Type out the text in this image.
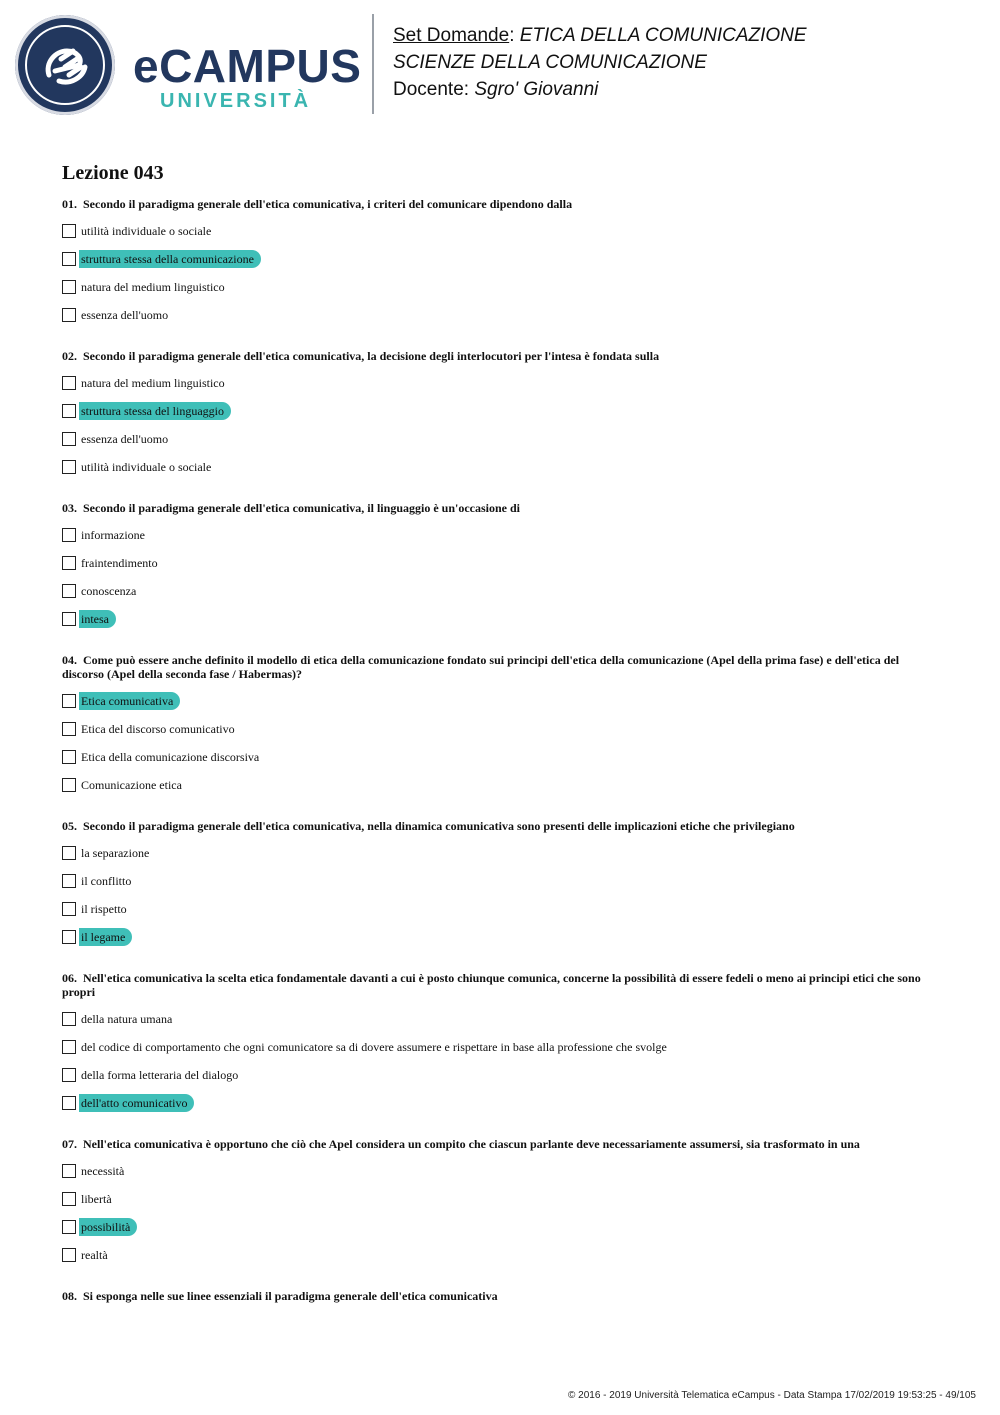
eCAMPUS
UNIVERSITÀ
Set Domande: ETICA DELLA COMUNICAZIONE
SCIENZE DELLA COMUNICAZIONE
Docente: Sgro' Giovanni
Lezione 043
01. Secondo il paradigma generale dell'etica comunicativa, i criteri del comunicare dipendono dalla
utilità individuale o sociale
struttura stessa della comunicazione
natura del medium linguistico
essenza dell'uomo
02. Secondo il paradigma generale dell'etica comunicativa, la decisione degli interlocutori per l'intesa è fondata sulla
natura del medium linguistico
struttura stessa del linguaggio
essenza dell'uomo
utilità individuale o sociale
03. Secondo il paradigma generale dell'etica comunicativa, il linguaggio è un'occasione di
informazione
fraintendimento
conoscenza
intesa
04. Come può essere anche definito il modello di etica della comunicazione fondato sui principi dell'etica della comunicazione (Apel della prima fase) e dell'etica del discorso (Apel della seconda fase / Habermas)?
Etica comunicativa
Etica del discorso comunicativo
Etica della comunicazione discorsiva
Comunicazione etica
05. Secondo il paradigma generale dell'etica comunicativa, nella dinamica comunicativa sono presenti delle implicazioni etiche che privilegiano
la separazione
il conflitto
il rispetto
il legame
06. Nell'etica comunicativa la scelta etica fondamentale davanti a cui è posto chiunque comunica, concerne la possibilità di essere fedeli o meno ai principi etici che sono propri
della natura umana
del codice di comportamento che ogni comunicatore sa di dovere assumere e rispettare in base alla professione che svolge
della forma letteraria del dialogo
dell'atto comunicativo
07. Nell'etica comunicativa è opportuno che ciò che Apel considera un compito che ciascun parlante deve necessariamente assumersi, sia trasformato in una
necessità
libertà
possibilità
realtà
08. Si esponga nelle sue linee essenziali il paradigma generale dell'etica comunicativa
© 2016 - 2019 Università Telematica eCampus - Data Stampa 17/02/2019 19:53:25 - 49/105
